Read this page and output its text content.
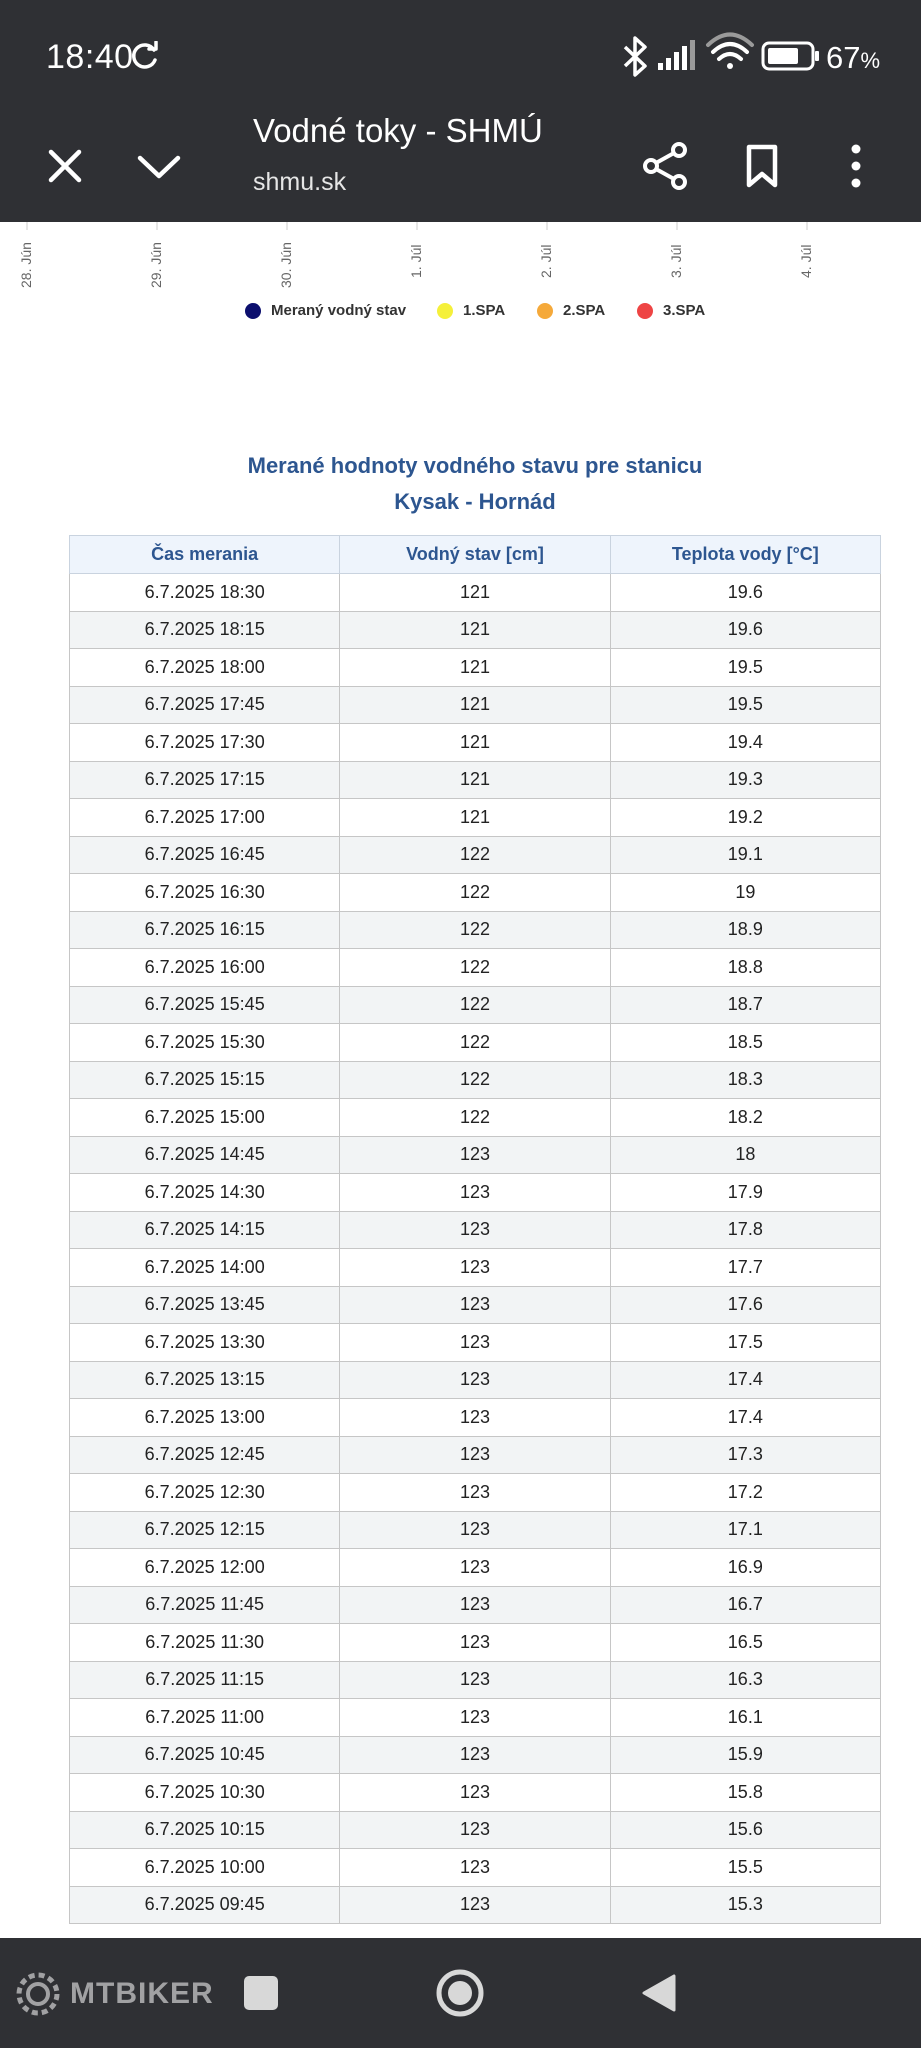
18:40	67%
Vodné toky - SHMÚ
shmu.sk
28. Jún	29. Jún	30. Jún	1. Júl	2. Júl	3. Júl	4. Júl
Meraný vodný stav	1.SPA	2.SPA	3.SPA
Merané hodnoty vodného stavu pre stanicu
Kysak - Hornád
Čas merania	Vodný stav [cm]	Teplota vody [°C]
6.7.2025 18:30	121	19.6
6.7.2025 18:15	121	19.6
6.7.2025 18:00	121	19.5
6.7.2025 17:45	121	19.5
6.7.2025 17:30	121	19.4
6.7.2025 17:15	121	19.3
6.7.2025 17:00	121	19.2
6.7.2025 16:45	122	19.1
6.7.2025 16:30	122	19
6.7.2025 16:15	122	18.9
6.7.2025 16:00	122	18.8
6.7.2025 15:45	122	18.7
6.7.2025 15:30	122	18.5
6.7.2025 15:15	122	18.3
6.7.2025 15:00	122	18.2
6.7.2025 14:45	123	18
6.7.2025 14:30	123	17.9
6.7.2025 14:15	123	17.8
6.7.2025 14:00	123	17.7
6.7.2025 13:45	123	17.6
6.7.2025 13:30	123	17.5
6.7.2025 13:15	123	17.4
6.7.2025 13:00	123	17.4
6.7.2025 12:45	123	17.3
6.7.2025 12:30	123	17.2
6.7.2025 12:15	123	17.1
6.7.2025 12:00	123	16.9
6.7.2025 11:45	123	16.7
6.7.2025 11:30	123	16.5
6.7.2025 11:15	123	16.3
6.7.2025 11:00	123	16.1
6.7.2025 10:45	123	15.9
6.7.2025 10:30	123	15.8
6.7.2025 10:15	123	15.6
6.7.2025 10:00	123	15.5
6.7.2025 09:45	123	15.3
MTBIKER
